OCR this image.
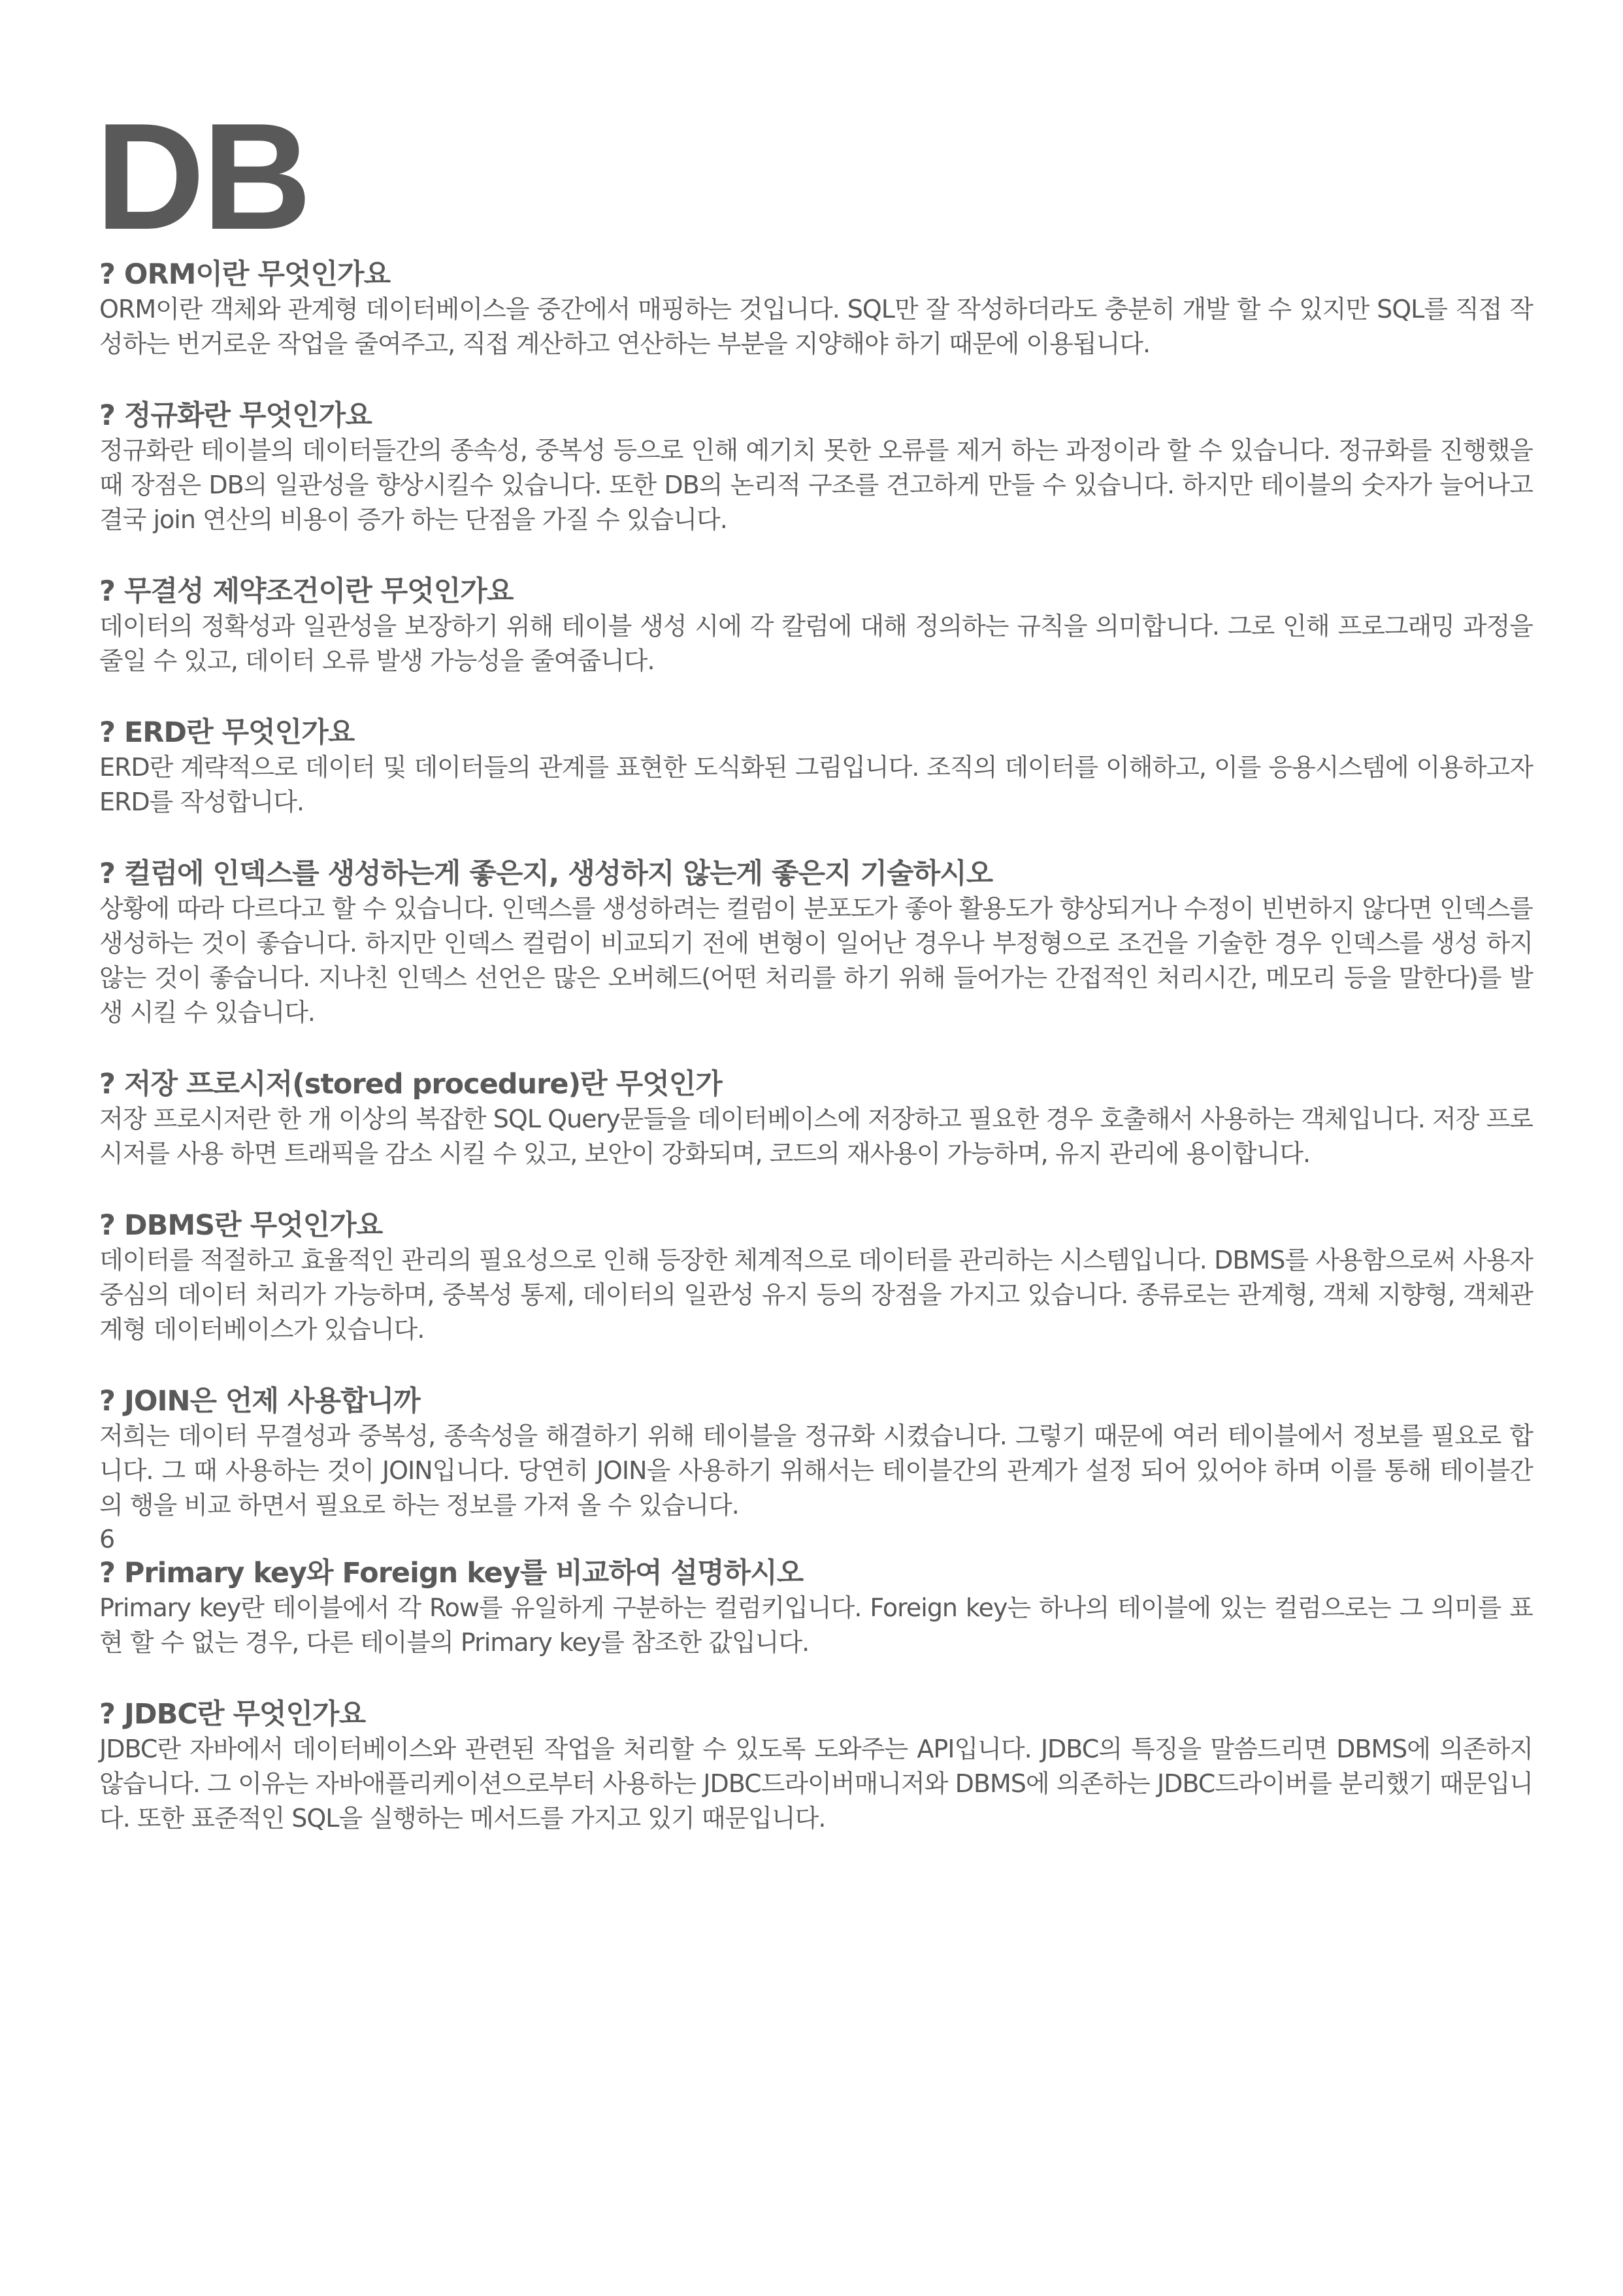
DB
? ORM이란 무엇인가요

ORM이란 객체와 관계형 데이터베이스을 중간에서 매핑하는 것입니다. SQL만 잘 작성하더라도 충분히 개발 할 수 있지만 SQL를 직접 작성하는 번거로운 작업을 줄여주고, 직접 계산하고 연산하는 부분을 지양해야 하기 때문에 이용됩니다.

? 정규화란 무엇인가요

정규화란 테이블의 데이터들간의 종속성, 중복성 등으로 인해 예기치 못한 오류를 제거 하는 과정이라 할 수 있습니다. 정규화를 진행했을 때 장점은 DB의 일관성을 향상시킬수 있습니다. 또한 DB의 논리적 구조를 견고하게 만들 수 있습니다. 하지만 테이블의 숫자가 늘어나고 결국 join 연산의 비용이 증가 하는 단점을 가질 수 있습니다.

? 무결성 제약조건이란 무엇인가요

데이터의 정확성과 일관성을 보장하기 위해 테이블 생성 시에 각 칼럼에 대해 정의하는 규칙을 의미합니다. 그로 인해 프로그래밍 과정을 줄일 수 있고, 데이터 오류 발생 가능성을 줄여줍니다.

? ERD란 무엇인가요

ERD란 계략적으로 데이터 및 데이터들의 관계를 표현한 도식화된 그림입니다. 조직의 데이터를 이해하고, 이를 응용시스템에 이용하고자 ERD를 작성합니다.

? 컬럼에 인덱스를 생성하는게 좋은지, 생성하지 않는게 좋은지 기술하시오

상황에 따라 다르다고 할 수 있습니다. 인덱스를 생성하려는 컬럼이 분포도가 좋아 활용도가 향상되거나 수정이 빈번하지 않다면 인덱스를 생성하는 것이 좋습니다. 하지만 인덱스 컬럼이 비교되기 전에 변형이 일어난 경우나 부정형으로 조건을 기술한 경우 인덱스를 생성 하지 않는 것이 좋습니다. 지나친 인덱스 선언은 많은 오버헤드(어떤 처리를 하기 위해 들어가는 간접적인 처리시간, 메모리 등을 말한다)를 발생 시킬 수 있습니다.

? 저장 프로시저(stored procedure)란 무엇인가

저장 프로시저란 한 개 이상의 복잡한 SQL Query문들을 데이터베이스에 저장하고 필요한 경우 호출해서 사용하는 객체입니다. 저장 프로시저를 사용 하면 트래픽을 감소 시킬 수 있고, 보안이 강화되며, 코드의 재사용이 가능하며, 유지 관리에 용이합니다.

? DBMS란 무엇인가요

데이터를 적절하고 효율적인 관리의 필요성으로 인해 등장한 체계적으로 데이터를 관리하는 시스템입니다. DBMS를 사용함으로써 사용자 중심의 데이터 처리가 가능하며, 중복성 통제, 데이터의 일관성 유지 등의 장점을 가지고 있습니다. 종류로는 관계형, 객체 지향형, 객체관계형 데이터베이스가 있습니다.

? JOIN은 언제 사용합니까

저희는 데이터 무결성과 중복성, 종속성을 해결하기 위해 테이블을 정규화 시켰습니다. 그렇기 때문에 여러 테이블에서 정보를 필요로 합니다. 그 때 사용하는 것이 JOIN입니다. 당연히 JOIN을 사용하기 위해서는 테이블간의 관계가 설정 되어 있어야 하며 이를 통해 테이블간의 행을 비교 하면서 필요로 하는 정보를 가져 올 수 있습니다.

6

? Primary key와 Foreign key를 비교하여 설명하시오

Primary key란 테이블에서 각 Row를 유일하게 구분하는 컬럼키입니다. Foreign key는 하나의 테이블에 있는 컬럼으로는 그 의미를 표현 할 수 없는 경우, 다른 테이블의 Primary key를 참조한 값입니다.

? JDBC란 무엇인가요

JDBC란 자바에서 데이터베이스와 관련된 작업을 처리할 수 있도록 도와주는 API입니다. JDBC의 특징을 말씀드리면 DBMS에 의존하지 않습니다. 그 이유는 자바애플리케이션으로부터 사용하는 JDBC드라이버매니저와 DBMS에 의존하는 JDBC드라이버를 분리했기 때문입니다. 또한 표준적인 SQL을 실행하는 메서드를 가지고 있기 때문입니다.
